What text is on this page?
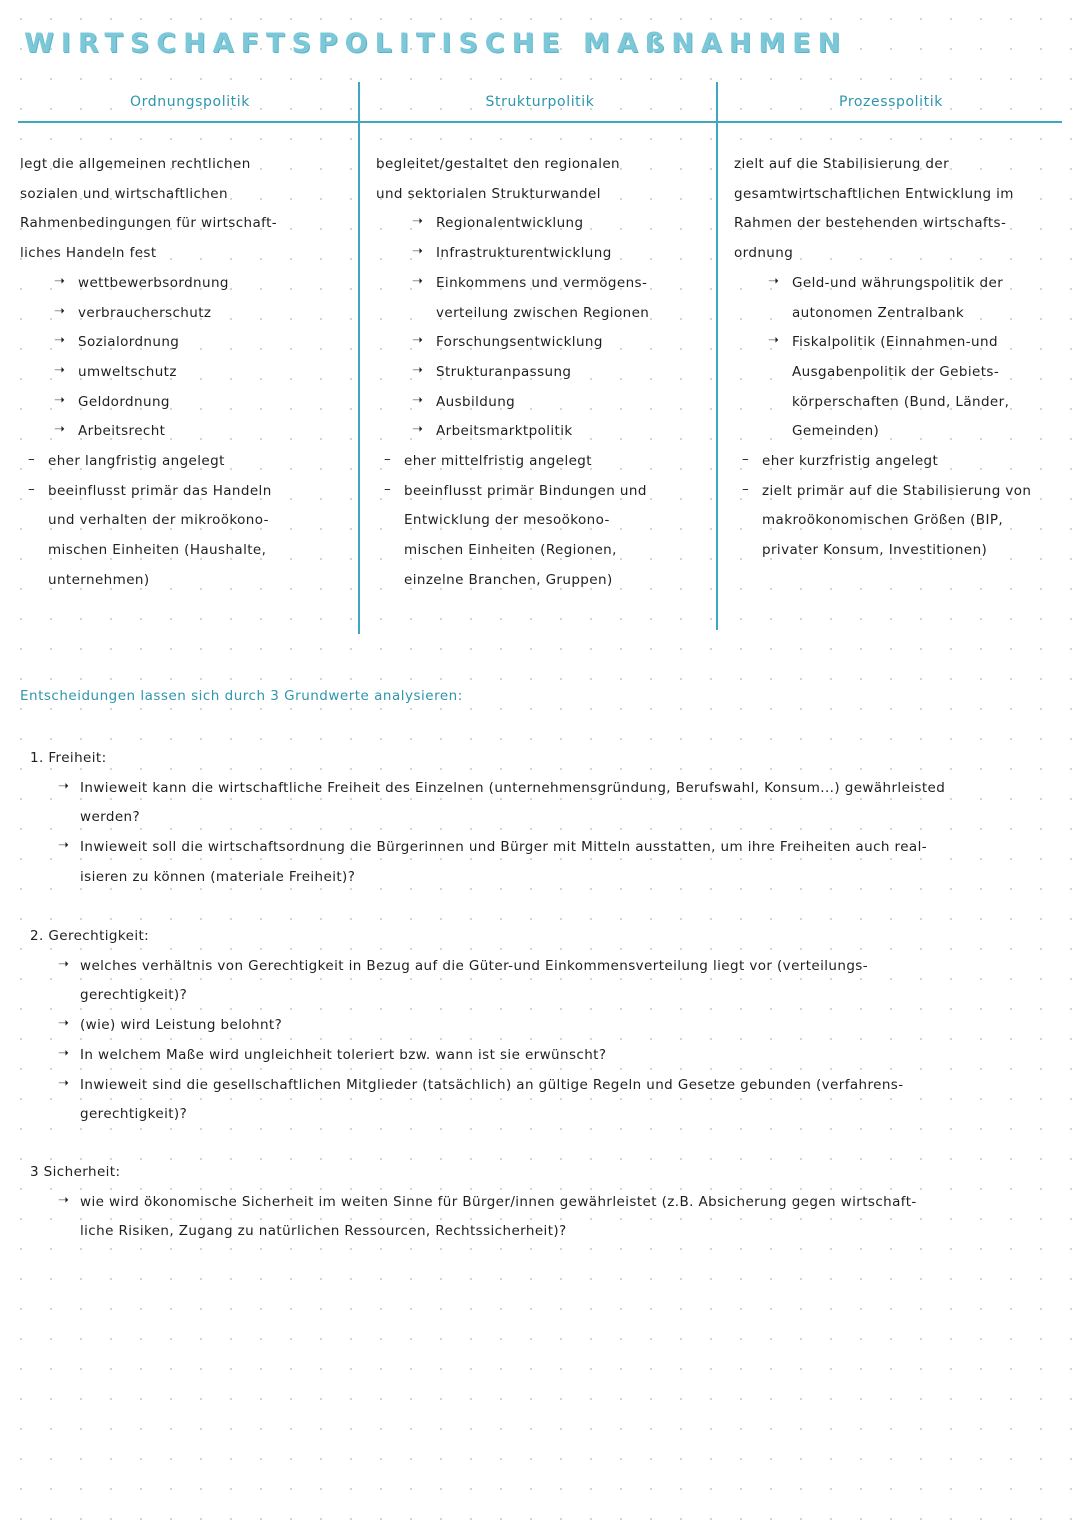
WIRTSCHAFTSPOLITISCHE MAßNAHMEN
Ordnungspolitik	Strukturpolitik	Prozesspolitik

legt die allgemeinen rechtlichen

sozialen und wirtschaftlichen

Rahmenbedingungen für wirtschaft-

liches Handeln fest

➝ wettbewerbsordnung
➝ verbraucherschutz
➝ Sozialordnung
➝ umweltschutz
➝ Geldordnung
➝ Arbeitsrecht

– eher langfristig angelegt

– beeinflusst primär das Handeln

und verhalten der mikroökono-

mischen Einheiten (Haushalte,

unternehmen)

begleitet/gestaltet den regionalen

und sektorialen Strukturwandel

➝ Regionalentwicklung
➝ Infrastrukturentwicklung
➝ Einkommens und vermögens-
verteilung zwischen Regionen
➝ Forschungsentwicklung
➝ Strukturanpassung
➝ Ausbildung
➝ Arbeitsmarktpolitik

– eher mittelfristig angelegt

– beeinflusst primär Bindungen und

Entwicklung der mesoökono-

mischen Einheiten (Regionen,

einzelne Branchen, Gruppen)

zielt auf die Stabilisierung der

gesamtwirtschaftlichen Entwicklung im

Rahmen der bestehenden wirtschafts-

ordnung

➝ Geld-und währungspolitik der
autonomen Zentralbank
➝ Fiskalpolitik (Einnahmen-und
Ausgabenpolitik der Gebiets-
körperschaften (Bund, Länder,
Gemeinden)

– eher kurzfristig angelegt

– zielt primär auf die Stabilisierung von

makroökonomischen Größen (BIP,

privater Konsum, Investitionen)

Entscheidungen lassen sich durch 3 Grundwerte analysieren:

1. Freiheit:

➝ Inwieweit kann die wirtschaftliche Freiheit des Einzelnen (unternehmensgründung, Berufswahl, Konsum...) gewährleisted

werden?

➝ Inwieweit soll die wirtschaftsordnung die Bürgerinnen und Bürger mit Mitteln ausstatten, um ihre Freiheiten auch real-

isieren zu können (materiale Freiheit)?

2. Gerechtigkeit:

➝ welches verhältnis von Gerechtigkeit in Bezug auf die Güter-und Einkommensverteilung liegt vor (verteilungs-

gerechtigkeit)?

➝ (wie) wird Leistung belohnt?

➝ In welchem Maße wird ungleichheit toleriert bzw. wann ist sie erwünscht?

➝ Inwieweit sind die gesellschaftlichen Mitglieder (tatsächlich) an gültige Regeln und Gesetze gebunden (verfahrens-

gerechtigkeit)?

3 Sicherheit:

➝ wie wird ökonomische Sicherheit im weiten Sinne für Bürger/innen gewährleistet (z.B. Absicherung gegen wirtschaft-

liche Risiken, Zugang zu natürlichen Ressourcen, Rechtssicherheit)?
